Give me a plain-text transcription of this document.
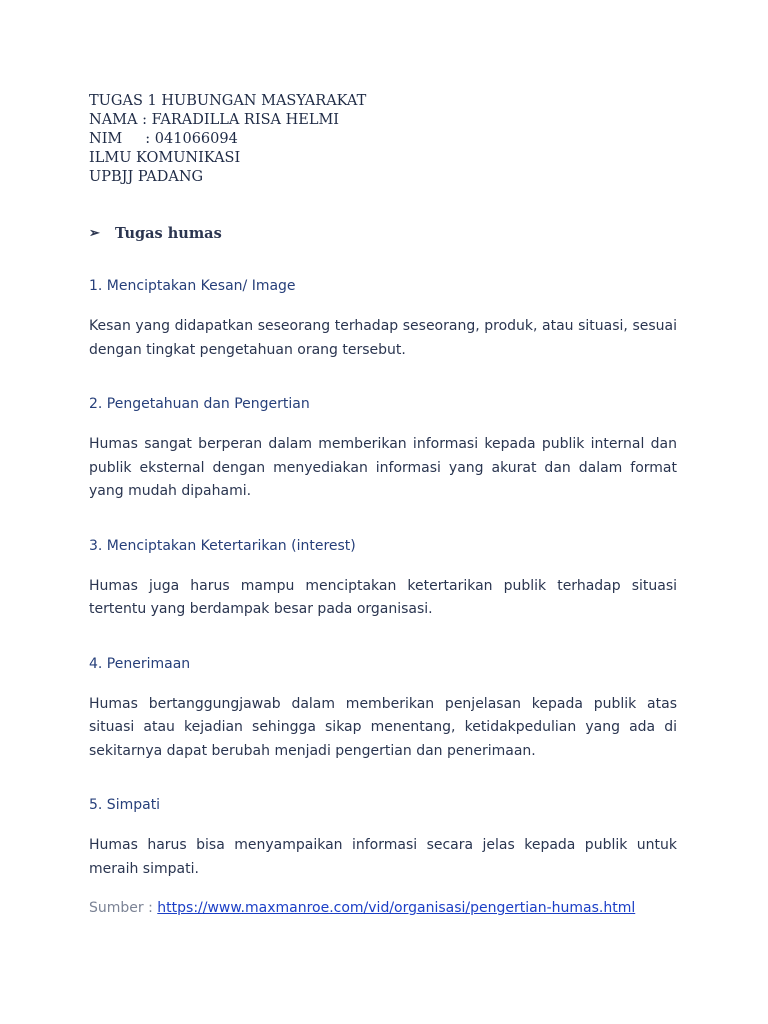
TUGAS 1 HUBUNGAN MASYARAKAT
NAMA : FARADILLA RISA HELMI
NIM     : 041066094
ILMU KOMUNIKASI
UPBJJ PADANG
➢	Tugas humas
1. Menciptakan Kesan/ Image
Kesan yang didapatkan seseorang terhadap seseorang, produk, atau situasi, sesuai dengan tingkat pengetahuan orang tersebut.
2. Pengetahuan dan Pengertian
Humas sangat berperan dalam memberikan informasi kepada publik internal dan publik eksternal dengan menyediakan informasi yang akurat dan dalam format yang mudah dipahami.
3. Menciptakan Ketertarikan (interest)
Humas juga harus mampu menciptakan ketertarikan publik terhadap situasi tertentu yang berdampak besar pada organisasi.
4. Penerimaan
Humas bertanggungjawab dalam memberikan penjelasan kepada publik atas situasi atau kejadian sehingga sikap menentang, ketidakpedulian yang ada di sekitarnya dapat berubah menjadi pengertian dan penerimaan.
5. Simpati
Humas harus bisa menyampaikan informasi secara jelas kepada publik untuk meraih simpati.
Sumber : https://www.maxmanroe.com/vid/organisasi/pengertian-humas.html
